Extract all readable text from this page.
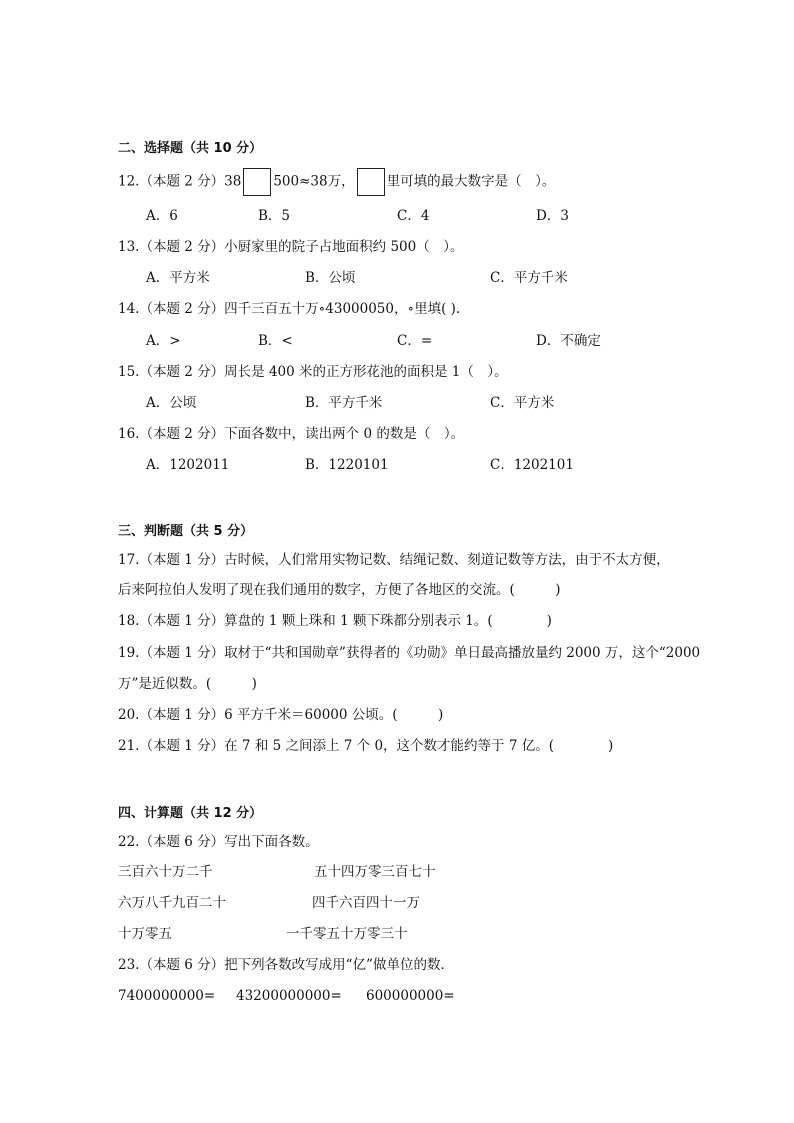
二、选择题（共 10 分）
12.（本题 2 分）38 500≈38万， 里可填的最大数字是（　）。
A．6	B．5	C．4	D．3
13.（本题 2 分）小厨家里的院子占地面积约 500（　）。
A．平方米	B．公顷	C．平方千米
14.（本题 2 分）四千三百五十万∘43000050，∘里填( ).
A．>	B．<	C．=	D．不确定
15.（本题 2 分）周长是 400 米的正方形花池的面积是 1（　）。
A．公顷	B．平方千米	C．平方米
16.（本题 2 分）下面各数中，读出两个 0 的数是（　）。
A．1202011	B．1220101	C．1202101
三、判断题（共 5 分）
17.（本题 1 分）古时候，人们常用实物记数、结绳记数、刻道记数等方法，由于不太方便，
后来阿拉伯人发明了现在我们通用的数字，方便了各地区的交流。(　　　)
18.（本题 1 分）算盘的 1 颗上珠和 1 颗下珠都分别表示 1。(　　　　)
19.（本题 1 分）取材于“共和国勋章”获得者的《功勋》单日最高播放量约 2000 万，这个“2000
万”是近似数。(　　　)
20.（本题 1 分）6 平方千米＝60000 公顷。(　　　)
21.（本题 1 分）在 7 和 5 之间添上 7 个 0，这个数才能约等于 7 亿。(　　　　)
四、计算题（共 12 分）
22.（本题 6 分）写出下面各数。
三百六十万二千	五十四万零三百七十
六万八千九百二十	四千六百四十一万
十万零五	一千零五十万零三十
23.（本题 6 分）把下列各数改写成用“亿”做单位的数．
7400000000= 43200000000= 600000000=
